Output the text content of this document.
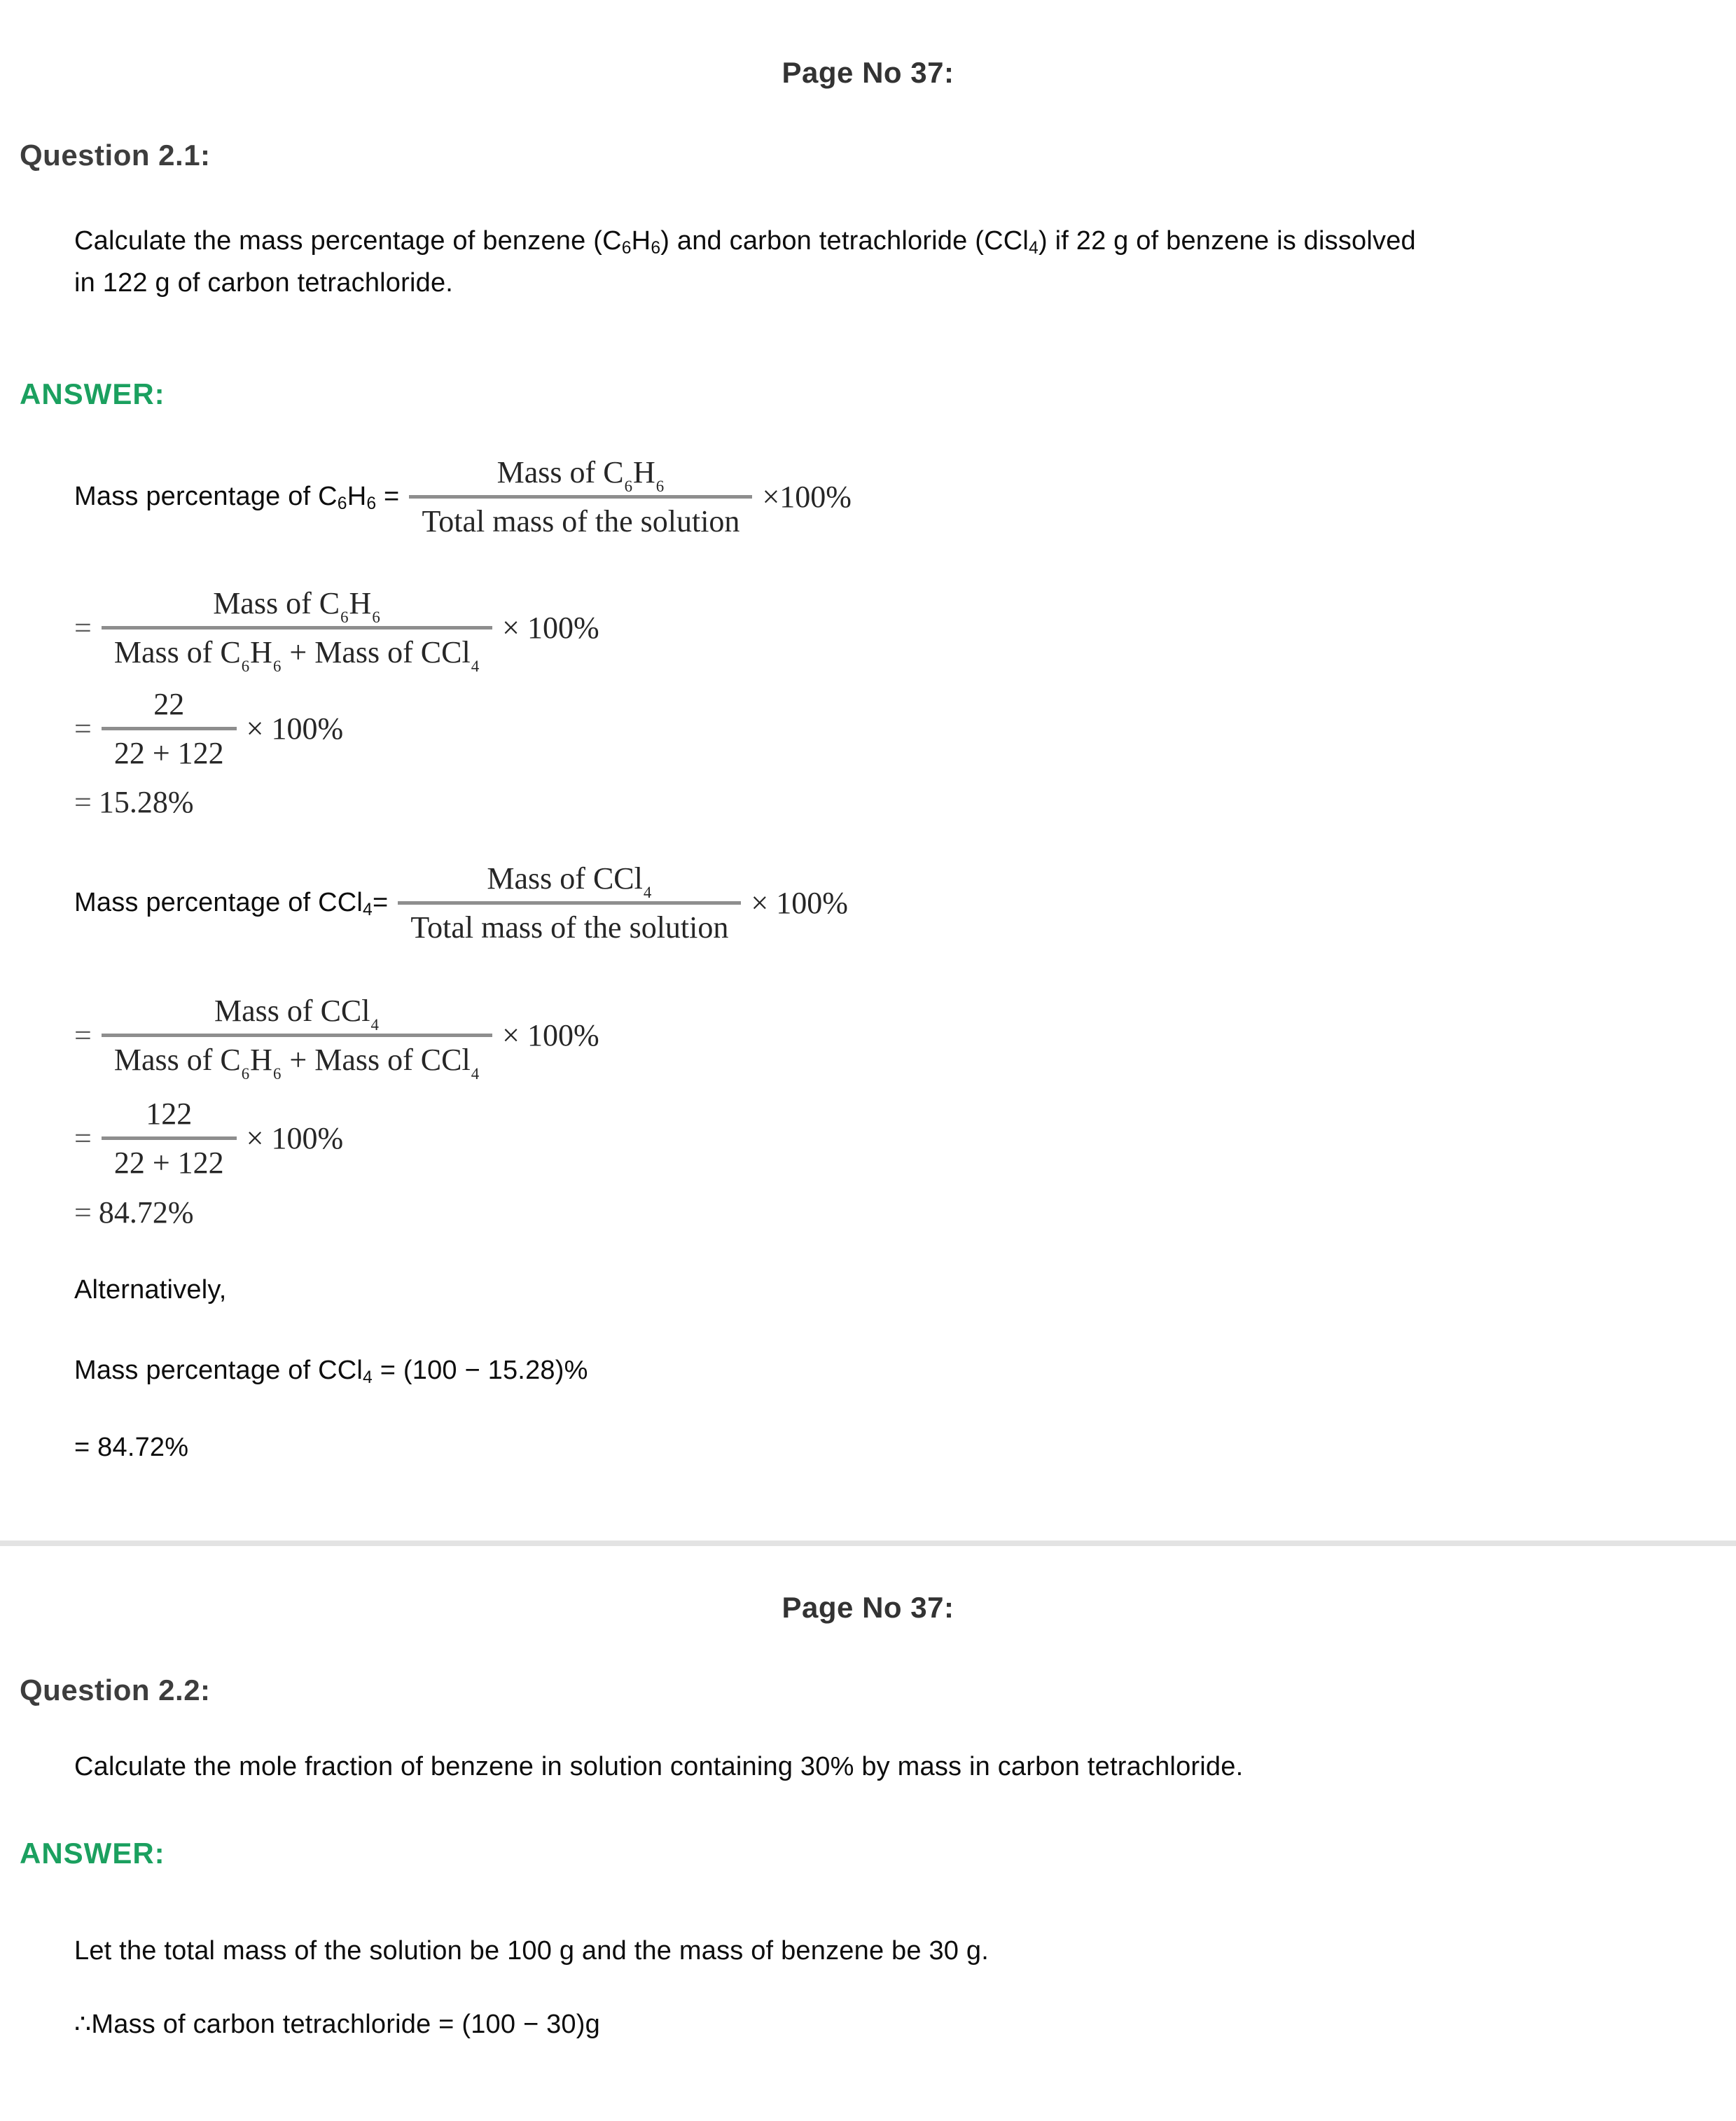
Page No 37:
Question 2.1:
Calculate the mass percentage of benzene $(C_6H_6)$ and carbon tetrachloride (CCl$_4$) if 22 g of benzene is dissolved
in 122 g of carbon tetrachloride.
ANSWER:
Mass percentage of $C_6H_6$ =
Mass of $C_6H_6$
Total mass of the solution
×100%
=
Mass of $C_6H_6$
Mass of $C_6H_6$ + Mass of CCl$_4$
× 100%
=
22
22 + 122
× 100%
= 15.28%
Mass percentage of CCl$_4$=
Mass of CCl$_4$
Total mass of the solution
× 100%
=
Mass of CCl$_4$
Mass of $C_6H_6$ + Mass of CCl$_4$
× 100%
=
122
22 + 122
× 100%
= 84.72%
Alternatively,
Mass percentage of CCl$_4$ = (100 − 15.28)%
= 84.72%
Page No 37:
Question 2.2:
Calculate the mole fraction of benzene in solution containing 30% by mass in carbon tetrachloride.
ANSWER:
Let the total mass of the solution be 100 g and the mass of benzene be 30 g.
∴Mass of carbon tetrachloride = (100 − 30)g
